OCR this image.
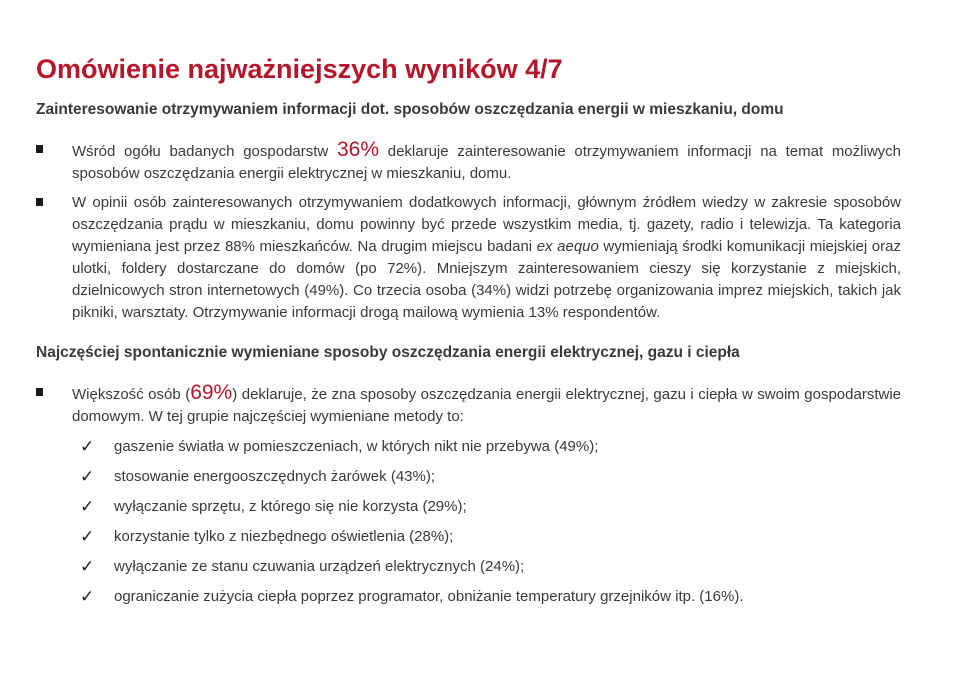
Omówienie najważniejszych wyników 4/7
Zainteresowanie otrzymywaniem informacji dot. sposobów oszczędzania energii w mieszkaniu, domu
Wśród ogółu badanych gospodarstw 36% deklaruje zainteresowanie otrzymywaniem informacji na temat możliwych sposobów oszczędzania energii elektrycznej w mieszkaniu, domu.
W opinii osób zainteresowanych otrzymywaniem dodatkowych informacji, głównym źródłem wiedzy w zakresie sposobów oszczędzania prądu w mieszkaniu, domu powinny być przede wszystkim media, tj. gazety, radio i telewizja. Ta kategoria wymieniana jest przez 88% mieszkańców. Na drugim miejscu badani ex aequo wymieniają środki komunikacji miejskiej oraz ulotki, foldery dostarczane do domów (po 72%). Mniejszym zainteresowaniem cieszy się korzystanie z miejskich, dzielnicowych stron internetowych (49%). Co trzecia osoba (34%) widzi potrzebę organizowania imprez miejskich, takich jak pikniki, warsztaty. Otrzymywanie informacji drogą mailową wymienia 13% respondentów.
Najczęściej spontanicznie wymieniane sposoby oszczędzania energii elektrycznej, gazu i ciepła
Większość osób (69%) deklaruje, że zna sposoby oszczędzania energii elektrycznej, gazu i ciepła w swoim gospodarstwie domowym. W tej grupie najczęściej wymieniane metody to:
✓ gaszenie światła w pomieszczeniach, w których nikt nie przebywa (49%);
✓ stosowanie energooszczędnych żarówek (43%);
✓ wyłączanie sprzętu, z którego się nie korzysta (29%);
✓ korzystanie tylko z niezbędnego oświetlenia (28%);
✓ wyłączanie ze stanu czuwania urządzeń elektrycznych (24%);
✓ ograniczanie zużycia ciepła poprzez programator, obniżanie temperatury grzejników itp. (16%).
